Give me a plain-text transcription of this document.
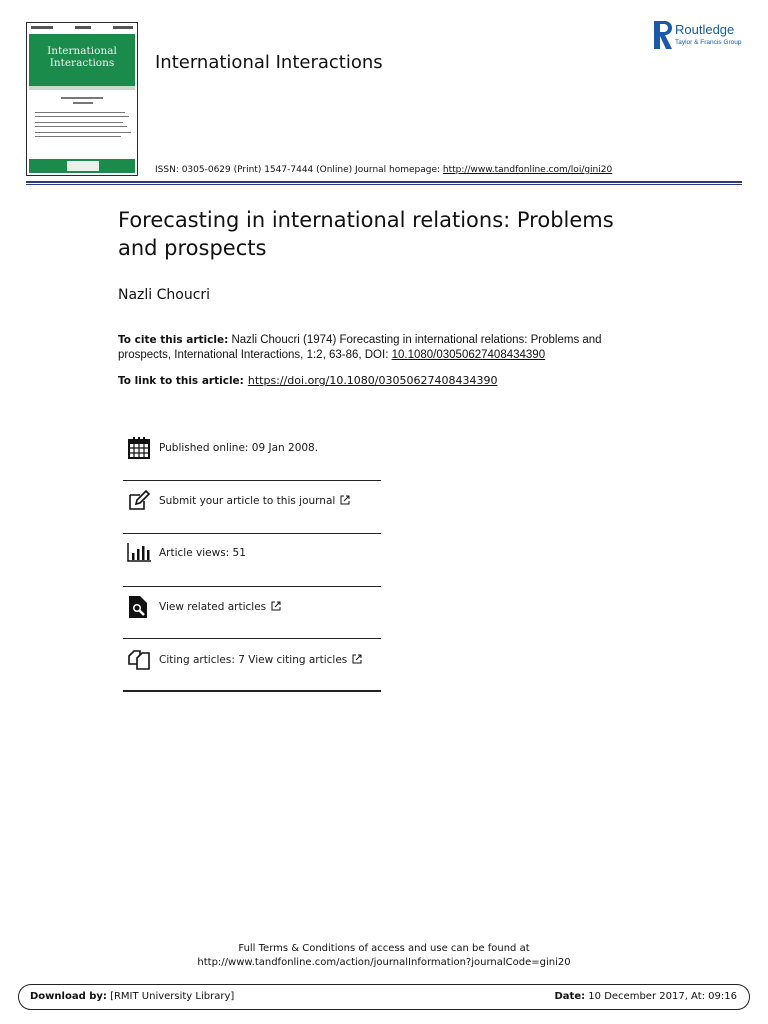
International
Interactions	International Interactions
ISSN: 0305-0629 (Print) 1547-7444 (Online) Journal homepage: http://www.tandfonline.com/loi/gini20
Routledge
Taylor & Francis Group
Forecasting in international relations: Problems and prospects
Nazli Choucri
To cite this article: Nazli Choucri (1974) Forecasting in international relations: Problems and prospects, International Interactions, 1:2, 63-86, DOI: 10.1080/03050627408434390
To link to this article: https://doi.org/10.1080/03050627408434390
Published online: 09 Jan 2008.
Submit your article to this journal
Article views: 51
View related articles
Citing articles: 7 View citing articles
Full Terms & Conditions of access and use can be found at
http://www.tandfonline.com/action/journalInformation?journalCode=gini20
Download by: [RMIT University Library]	Date: 10 December 2017, At: 09:16
